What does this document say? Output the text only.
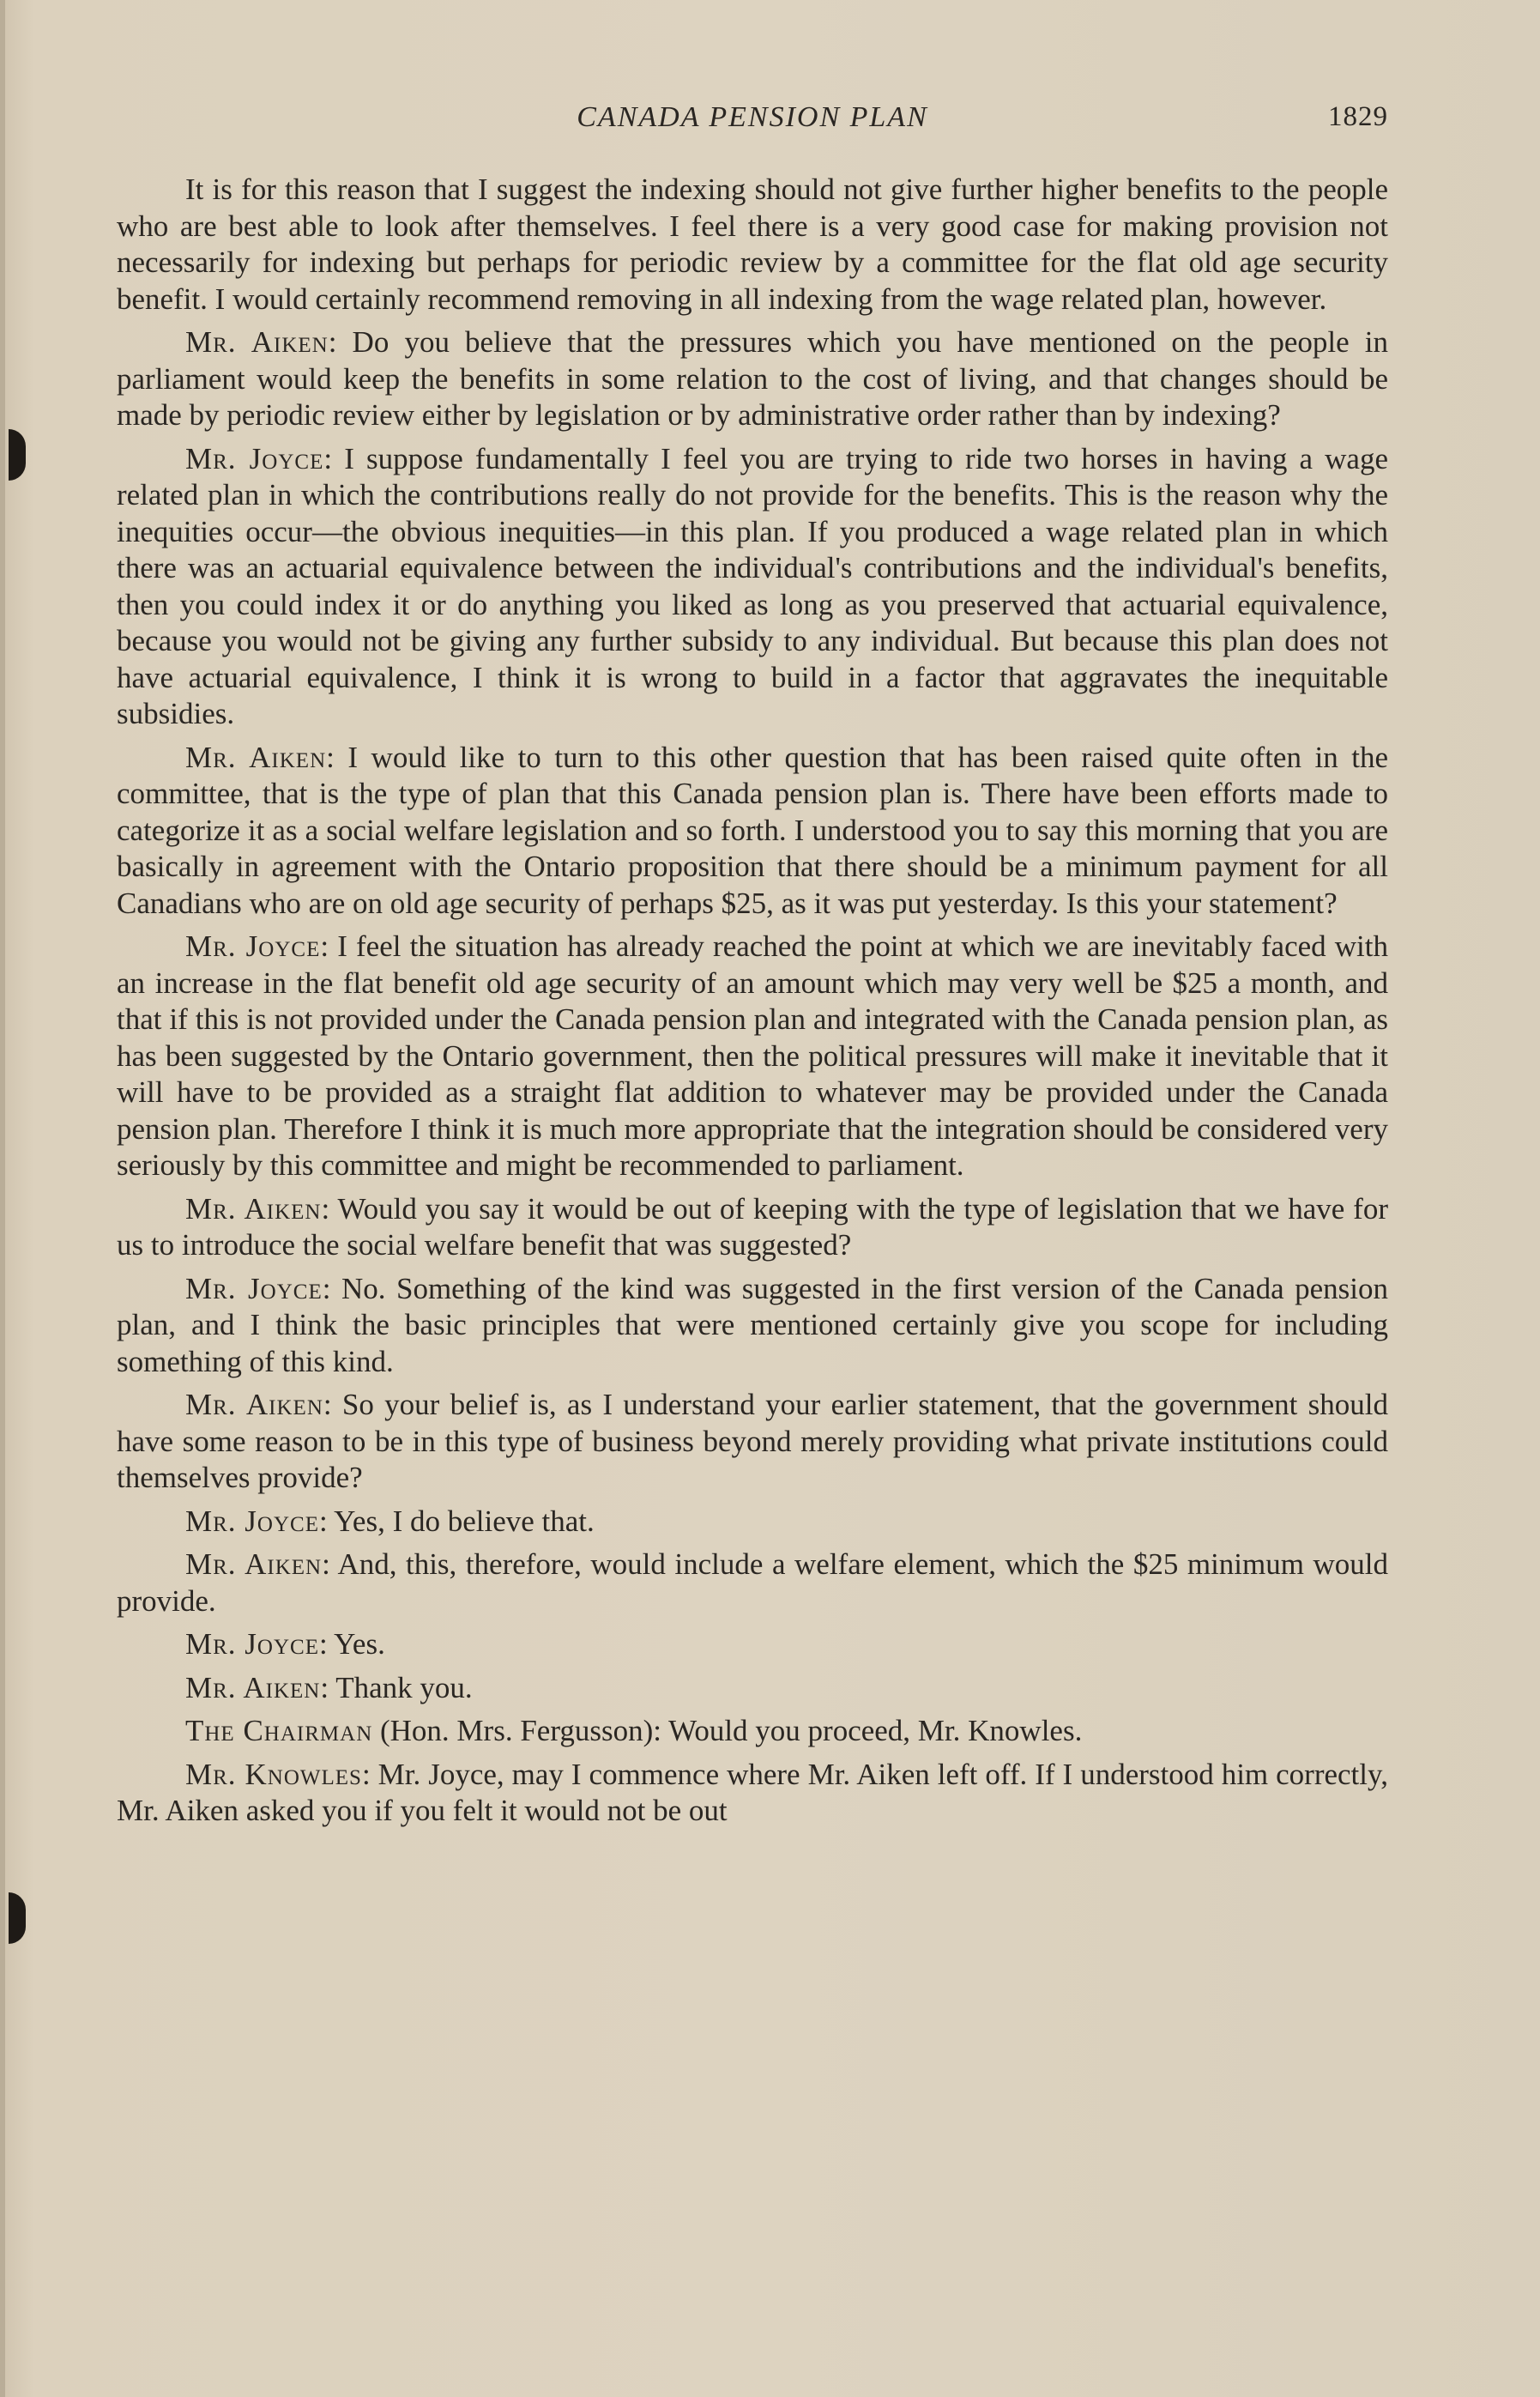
CANADA PENSION PLAN	1829

It is for this reason that I suggest the indexing should not give further higher benefits to the people who are best able to look after themselves. I feel there is a very good case for making provision not necessarily for indexing but perhaps for periodic review by a committee for the flat old age security benefit. I would certainly recommend removing in all indexing from the wage related plan, however.

Mr. Aiken: Do you believe that the pressures which you have mentioned on the people in parliament would keep the benefits in some relation to the cost of living, and that changes should be made by periodic review either by legislation or by administrative order rather than by indexing?

Mr. Joyce: I suppose fundamentally I feel you are trying to ride two horses in having a wage related plan in which the contributions really do not provide for the benefits. This is the reason why the inequities occur—the obvious inequities—in this plan. If you produced a wage related plan in which there was an actuarial equivalence between the individual's contributions and the individual's benefits, then you could index it or do anything you liked as long as you preserved that actuarial equivalence, because you would not be giving any further subsidy to any individual. But because this plan does not have actuarial equivalence, I think it is wrong to build in a factor that aggravates the inequitable subsidies.

Mr. Aiken: I would like to turn to this other question that has been raised quite often in the committee, that is the type of plan that this Canada pension plan is. There have been efforts made to categorize it as a social welfare legislation and so forth. I understood you to say this morning that you are basically in agreement with the Ontario proposition that there should be a minimum payment for all Canadians who are on old age security of perhaps $25, as it was put yesterday. Is this your statement?

Mr. Joyce: I feel the situation has already reached the point at which we are inevitably faced with an increase in the flat benefit old age security of an amount which may very well be $25 a month, and that if this is not provided under the Canada pension plan and integrated with the Canada pension plan, as has been suggested by the Ontario government, then the political pressures will make it inevitable that it will have to be provided as a straight flat addition to whatever may be provided under the Canada pension plan. Therefore I think it is much more appropriate that the integration should be considered very seriously by this committee and might be recommended to parliament.

Mr. Aiken: Would you say it would be out of keeping with the type of legislation that we have for us to introduce the social welfare benefit that was suggested?

Mr. Joyce: No. Something of the kind was suggested in the first version of the Canada pension plan, and I think the basic principles that were mentioned certainly give you scope for including something of this kind.

Mr. Aiken: So your belief is, as I understand your earlier statement, that the government should have some reason to be in this type of business beyond merely providing what private institutions could themselves provide?

Mr. Joyce: Yes, I do believe that.

Mr. Aiken: And, this, therefore, would include a welfare element, which the $25 minimum would provide.

Mr. Joyce: Yes.

Mr. Aiken: Thank you.

The Chairman (Hon. Mrs. Fergusson): Would you proceed, Mr. Knowles.

Mr. Knowles: Mr. Joyce, may I commence where Mr. Aiken left off. If I understood him correctly, Mr. Aiken asked you if you felt it would not be out
